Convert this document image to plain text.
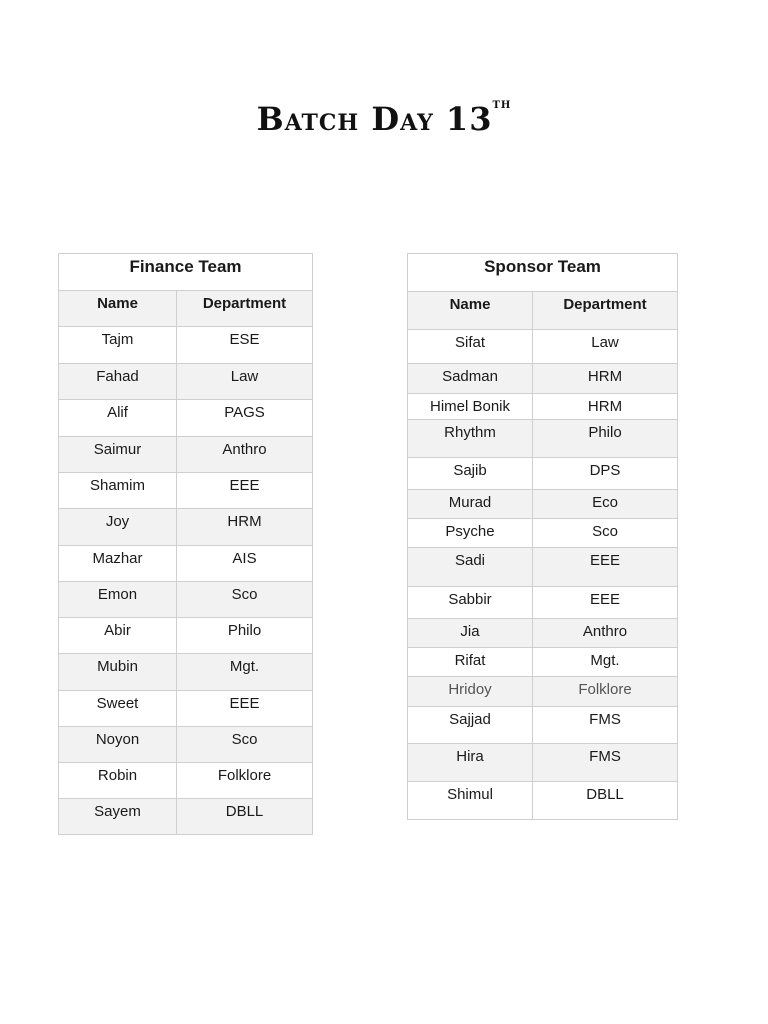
Batch Day 13th
Finance Team	
Name	Department
Tajm	ESE
Fahad	Law
Alif	PAGS
Saimur	Anthro
Shamim	EEE
Joy	HRM
Mazhar	AIS
Emon	Sco
Abir	Philo
Mubin	Mgt.
Sweet	EEE
Noyon	Sco
Robin	Folklore
Sayem	DBLL
Sponsor Team	
Name	Department
Sifat	Law
Sadman	HRM
Himel Bonik	HRM
Rhythm	Philo
Sajib	DPS
Murad	Eco
Psyche	Sco
Sadi	EEE
Sabbir	EEE
Jia	Anthro
Rifat	Mgt.
Hridoy	Folklore
Sajjad	FMS
Hira	FMS
Shimul	DBLL
